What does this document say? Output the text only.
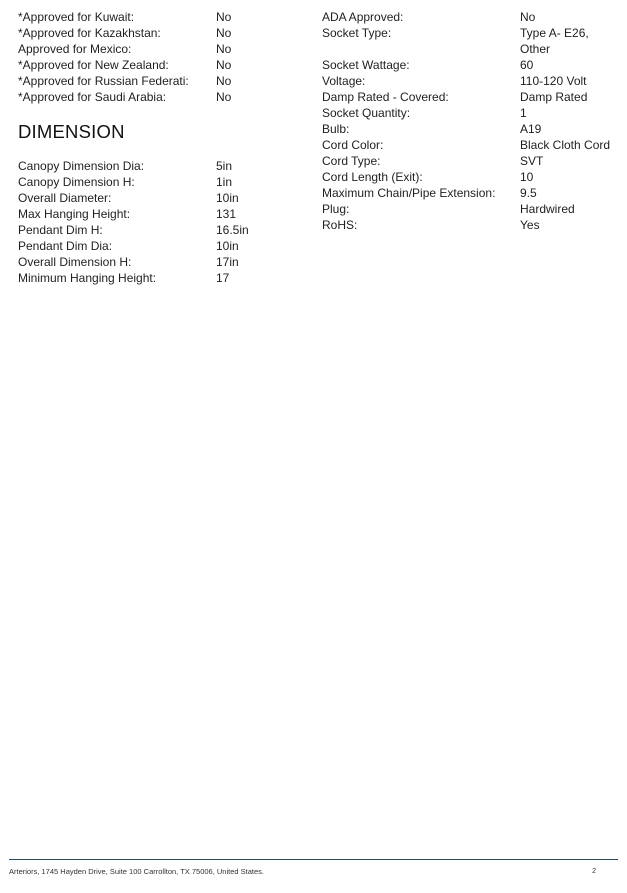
*Approved for Kuwait:	No
*Approved for Kazakhstan:	No
Approved for Mexico:	No
*Approved for New Zealand:	No
*Approved for Russian Federati:	No
*Approved for Saudi Arabia:	No
DIMENSION
Canopy Dimension Dia:	5in
Canopy Dimension H:	1in
Overall Diameter:	10in
Max Hanging Height:	131
Pendant Dim H:	16.5in
Pendant Dim Dia:	10in
Overall Dimension H:	17in
Minimum Hanging Height:	17
ADA Approved:	No
Socket Type:	Type A- E26, Other
Socket Wattage:	60
Voltage:	110-120 Volt
Damp Rated - Covered:	Damp Rated
Socket Quantity:	1
Bulb:	A19
Cord Color:	Black Cloth Cord
Cord Type:	SVT
Cord Length (Exit):	10
Maximum Chain/Pipe Extension:	9.5
Plug:	Hardwired
RoHS:	Yes
Arteriors, 1745 Hayden Drive, Suite 100 Carrollton, TX 75006, United States.	2
